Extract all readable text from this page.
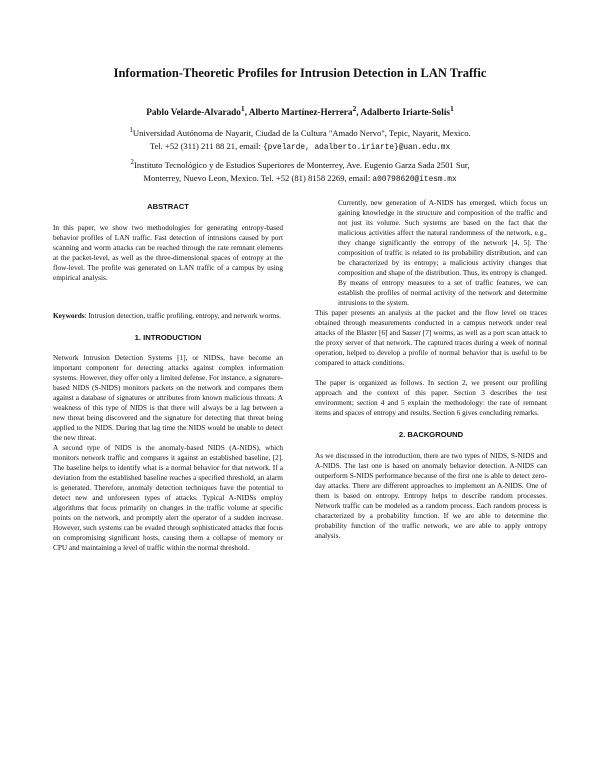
Information-Theoretic Profiles for Intrusion Detection in LAN Traffic
Pablo Velarde-Alvarado$^1$, Alberto Martínez-Herrera$^2$, Adalberto Iriarte-Solís$^1$
$^1$Universidad Autónoma de Nayarit, Ciudad de la Cultura "Amado Nervo", Tepic, Nayarit, Mexico.
Tel. +52 (311) 211 88 21, email: {pvelarde, adalberto.iriarte}@uan.edu.mx
$^2$Instituto Tecnológico y de Estudios Superiores de Monterrey, Ave. Eugenio Garza Sada 2501 Sur,
Monterrey, Nuevo Leon, Mexico. Tel. +52 (81) 8158 2269, email: a00798620@itesm.mx
ABSTRACT

In this paper, we show two methodologies for generating entropy-based behavior profiles of LAN traffic. Fast detection of intrusions caused by port scanning and worm attacks can be reached through the rate remnant elements at the packet-level, as well as the three-dimensional spaces of entropy at the flow-level. The profile was generated on LAN traffic of a campus by using empirical analysis.

Keywords: Intrusion detection, traffic profiling, entropy, and network worms.

1. INTRODUCTION

Network Intrusion Detection Systems [1], or NIDSs, have become an important component for detecting attacks against complex information systems. However, they offer only a limited defense. For instance, a signature-based NIDS (S-NIDS) monitors packets on the network and compares them against a database of signatures or attributes from known malicious threats. A weakness of this type of NIDS is that there will always be a lag between a new threat being discovered and the signature for detecting that threat being applied to the NIDS. During that lag time the NIDS would be unable to detect the new threat.

A second type of NIDS is the anomaly-based NIDS (A-NIDS), which monitors network traffic and compares it against an established baseline, [2]. The baseline helps to identify what is a normal behavior for that network. If a deviation from the established baseline reaches a specified threshold, an alarm is generated. Therefore, anomaly detection techniques have the potential to detect new and unforeseen types of attacks. Typical A-NIDSs employ algorithms that focus primarily on changes in the traffic volume at specific points on the network, and promptly alert the operator of a sudden increase. However, such systems can be evaded through sophisticated attacks that focus on compromising significant hosts, causing them a collapse of memory or CPU and maintaining a level of traffic within the normal threshold.

Currently, new generation of A-NIDS has emerged, which focus on gaining knowledge in the structure and composition of the traffic and not just its volume. Such systems are based on the fact that the malicious activities affect the natural randomness of the network, e.g., they change significantly the entropy of the network [4, 5]. The composition of traffic is related to its probability distribution, and can be characterized by its entropy; a malicious activity changes that composition and shape of the distribution. Thus, its entropy is changed. By means of entropy measures to a set of traffic features, we can establish the profiles of normal activity of the network and determine intrusions to the system.

This paper presents an analysis at the packet and the flow level on traces obtained through measurements conducted in a campus network under real attacks of the Blaster [6] and Sasser [7] worms, as well as a port scan attack to the proxy server of that network. The captured traces during a week of normal operation, helped to develop a profile of normal behavior that is useful to be compared to attack conditions.

The paper is organized as follows. In section 2, we present our profiling approach and the context of this paper. Section 3 describes the test environment; section 4 and 5 explain the methodology: the rate of remnant items and spaces of entropy and results. Section 6 gives concluding remarks.

2. BACKGROUND

As we discussed in the introduction, there are two types of NIDS, S-NIDS and A-NIDS. The last one is based on anomaly behavior detection. A-NIDS can outperform S-NIDS performance because of the first one is able to detect zero-day attacks. There are different approaches to implement an A-NIDS. One of them is based on entropy. Entropy helps to describe random processes. Network traffic can be modeled as a random process. Each random process is characterized by a probability function. If we are able to determine the probability function of the traffic network, we are able to apply entropy analysis.
